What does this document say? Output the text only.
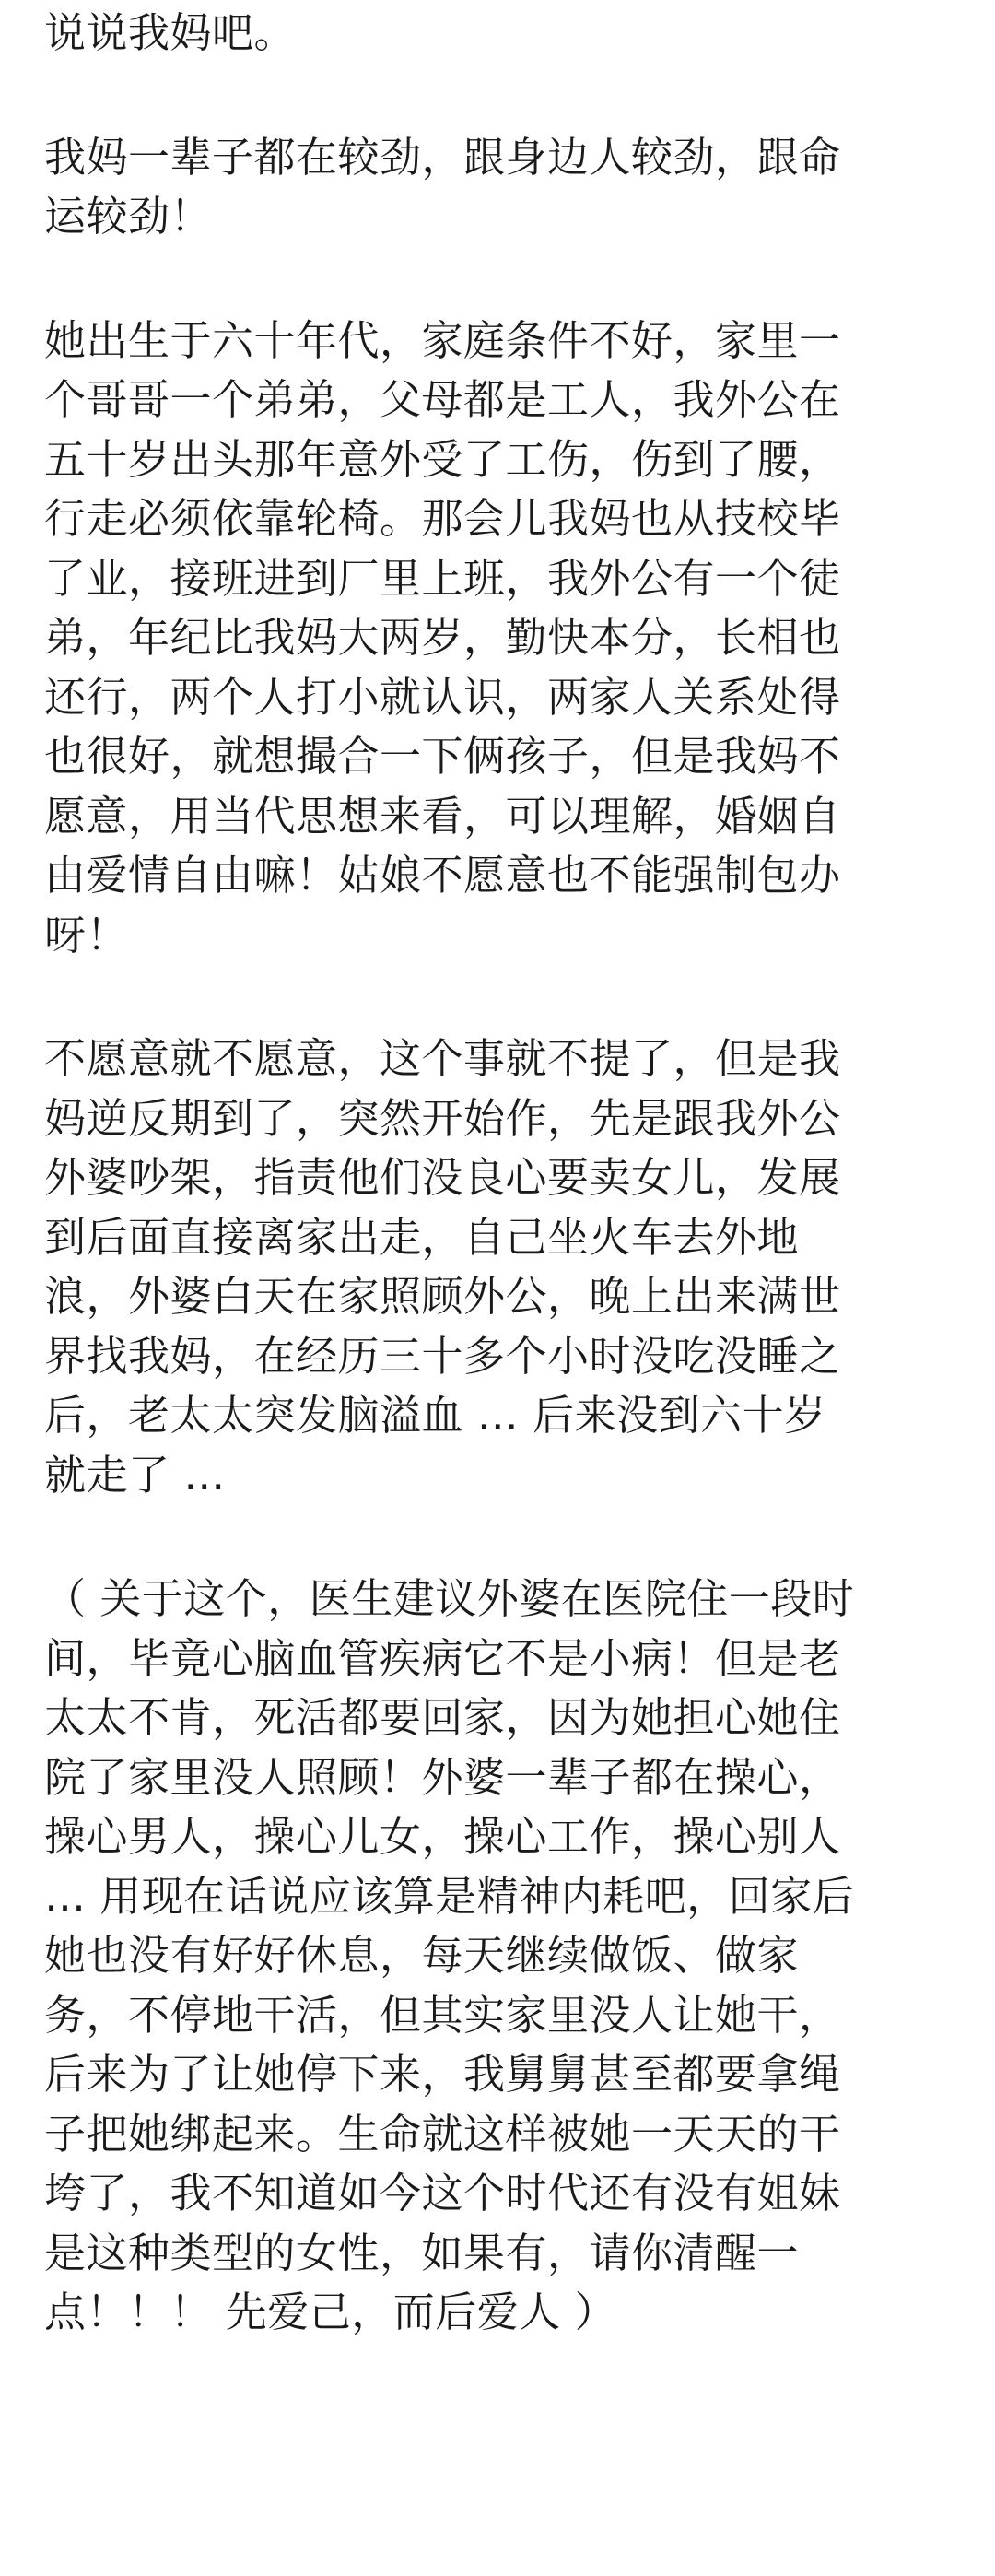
说说我妈吧。
我妈一辈子都在较劲，跟身边人较劲，跟命
运较劲！
她出生于六十年代，家庭条件不好，家里一
个哥哥一个弟弟，父母都是工人，我外公在
五十岁出头那年意外受了工伤，伤到了腰，
行走必须依靠轮椅。那会儿我妈也从技校毕
了业，接班进到厂里上班，我外公有一个徒
弟，年纪比我妈大两岁，勤快本分，长相也
还行，两个人打小就认识，两家人关系处得
也很好，就想撮合一下俩孩子，但是我妈不
愿意，用当代思想来看，可以理解，婚姻自
由爱情自由嘛！姑娘不愿意也不能强制包办
呀！
不愿意就不愿意，这个事就不提了，但是我
妈逆反期到了，突然开始作，先是跟我外公
外婆吵架，指责他们没良心要卖女儿，发展
到后面直接离家出走，自己坐火车去外地
浪，外婆白天在家照顾外公，晚上出来满世
界找我妈，在经历三十多个小时没吃没睡之
后，老太太突发脑溢血 … 后来没到六十岁
就走了 …
（ 关于这个，医生建议外婆在医院住一段时
间，毕竟心脑血管疾病它不是小病！但是老
太太不肯，死活都要回家，因为她担心她住
院了家里没人照顾！外婆一辈子都在操心，
操心男人，操心儿女，操心工作，操心别人
… 用现在话说应该算是精神内耗吧，回家后
她也没有好好休息，每天继续做饭、做家
务，不停地干活，但其实家里没人让她干，
后来为了让她停下来，我舅舅甚至都要拿绳
子把她绑起来。生命就这样被她一天天的干
垮了，我不知道如今这个时代还有没有姐妹
是这种类型的女性，如果有，请你清醒一
点！！！ 先爱己，而后爱人 ）
